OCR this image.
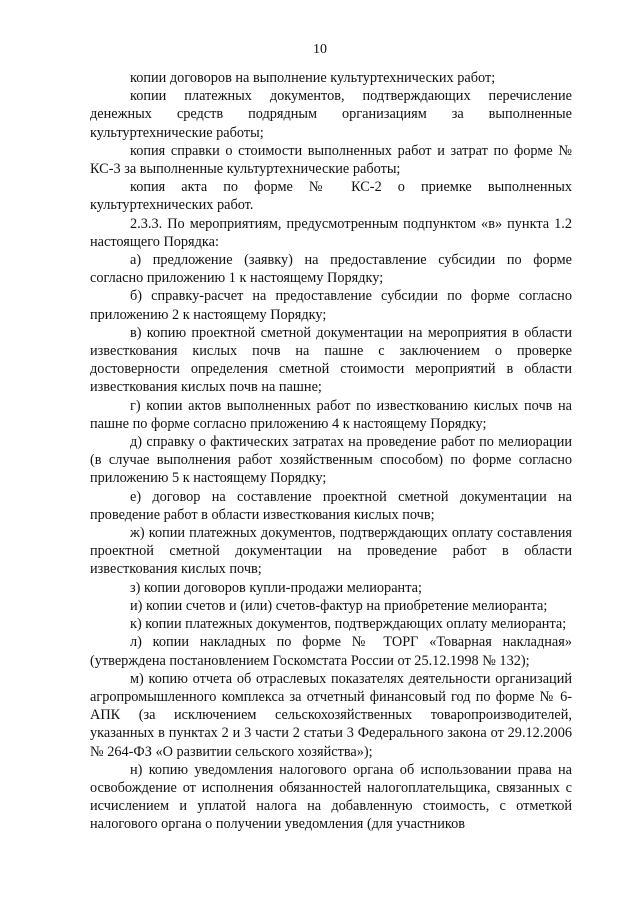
10

копии договоров на выполнение культуртехнических работ;

копии платежных документов, подтверждающих перечисление денежных средств подрядным организациям за выполненные культуртехнические работы;

копия справки о стоимости выполненных работ и затрат по форме № КС-3 за выполненные культуртехнические работы;

копия акта по форме № КС-2 о приемке выполненных культуртехнических работ.

2.3.3. По мероприятиям, предусмотренным подпунктом «в» пункта 1.2 настоящего Порядка:

а) предложение (заявку) на предоставление субсидии по форме согласно приложению 1 к настоящему Порядку;

б) справку-расчет на предоставление субсидии по форме согласно приложению 2 к настоящему Порядку;

в) копию проектной сметной документации на мероприятия в области известкования кислых почв на пашне с заключением о проверке достоверности определения сметной стоимости мероприятий в области известкования кислых почв на пашне;

г) копии актов выполненных работ по известкованию кислых почв на пашне по форме согласно приложению 4 к настоящему Порядку;

д) справку о фактических затратах на проведение работ по мелиорации (в случае выполнения работ хозяйственным способом) по форме согласно приложению 5 к настоящему Порядку;

е) договор на составление проектной сметной документации на проведение работ в области известкования кислых почв;

ж) копии платежных документов, подтверждающих оплату составления проектной сметной документации на проведение работ в области известкования кислых почв;

з) копии договоров купли-продажи мелиоранта;

и) копии счетов и (или) счетов-фактур на приобретение мелиоранта;

к) копии платежных документов, подтверждающих оплату мелиоранта;

л) копии накладных по форме № ТОРГ «Товарная накладная» (утверждена постановлением Госкомстата России от 25.12.1998 № 132);

м) копию отчета об отраслевых показателях деятельности организаций агропромышленного комплекса за отчетный финансовый год по форме № 6-АПК (за исключением сельскохозяйственных товаропроизводителей, указанных в пунктах 2 и 3 части 2 статьи 3 Федерального закона от 29.12.2006 № 264-ФЗ «О развитии сельского хозяйства»);

н) копию уведомления налогового органа об использовании права на освобождение от исполнения обязанностей налогоплательщика, связанных с исчислением и уплатой налога на добавленную стоимость, с отметкой налогового органа о получении уведомления (для участников
